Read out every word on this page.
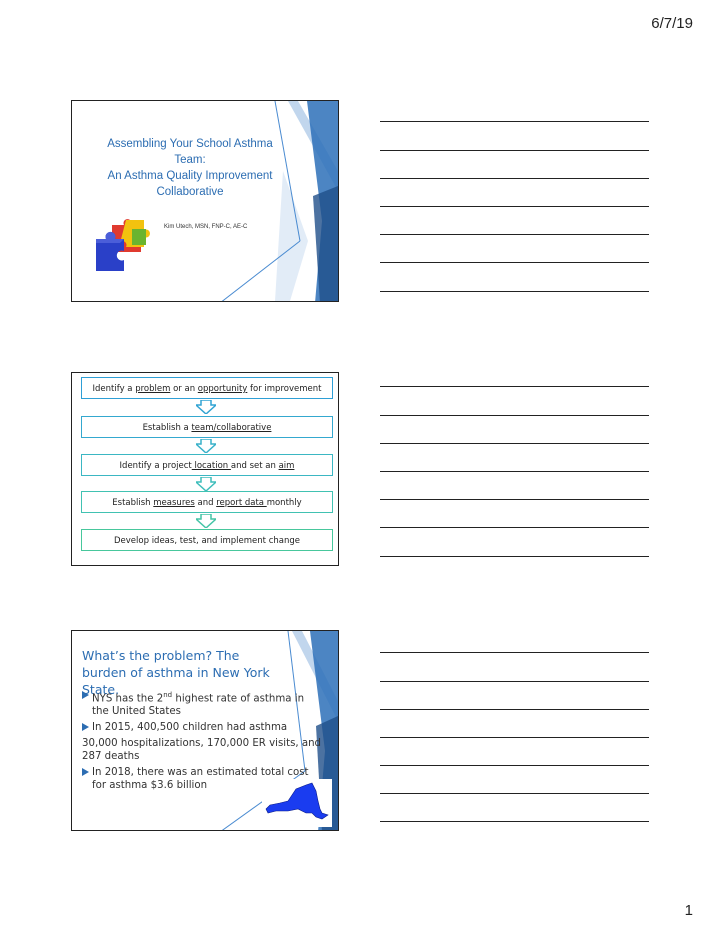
6/7/19
Assembling Your School Asthma
Team:
An Asthma Quality Improvement
Collaborative
Kim Utech, MSN, FNP-C, AE-C
Identify a problem or an opportunity for improvement
Establish a team/collaborative
Identify a project location and set an aim
Establish measures and report data monthly
Develop ideas, test, and implement change
What’s the problem? The burden of asthma in New York State.
NYS has the 2nd highest rate of asthma in the United States
In 2015, 400,500 children had asthma
30,000 hospitalizations, 170,000 ER visits, and 287 deaths
In 2018, there was an estimated total cost for asthma $3.6 billion
1
